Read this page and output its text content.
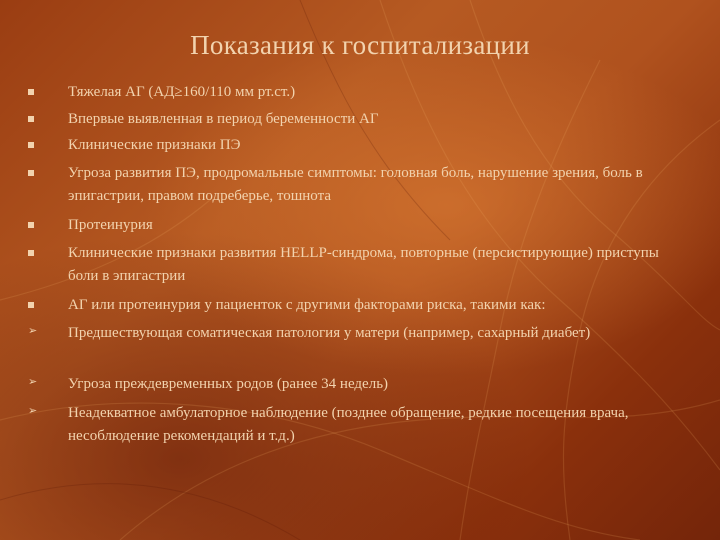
Показания к госпитализации
Тяжелая АГ (АД≥160/110 мм рт.ст.)
Впервые выявленная в период беременности АГ
Клинические признаки ПЭ
Угроза развития ПЭ, продромальные симптомы: головная боль, нарушение зрения, боль в эпигастрии, правом подреберье, тошнота
Протеинурия
Клинические признаки развития HELLP-синдрома, повторные (персистирующие) приступы боли в эпигастрии
АГ или протеинурия у пациенток с другими факторами риска, такими как:
➢	Предшествующая соматическая патология у матери (например, сахарный диабет)
➢	Угроза преждевременных родов (ранее 34 недель)
➢	Неадекватное амбулаторное наблюдение (позднее обращение, редкие посещения врача, несоблюдение рекомендаций и т.д.)
